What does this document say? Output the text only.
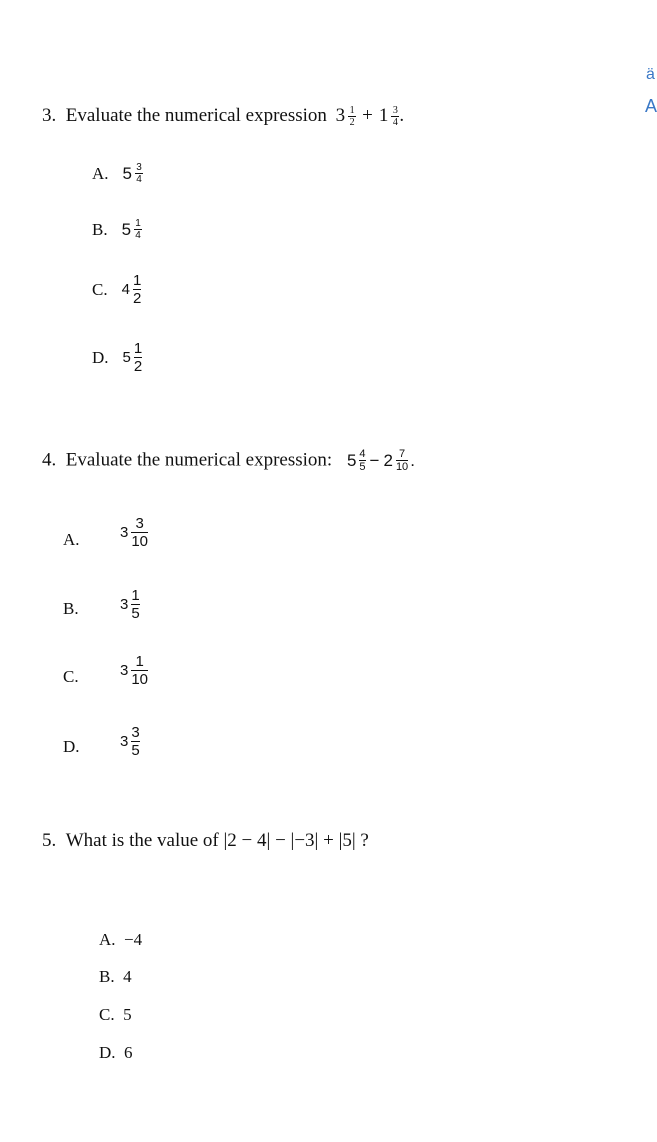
ä
A
3. Evaluate the numerical expression $3 \frac{1}{2} + 1 \frac{3}{4}$ .
A. $5 \frac{3}{4}$
B. $5 \frac{1}{4}$
C. $4 \frac{1}{2}$
D. $5 \frac{1}{2}$
4. Evaluate the numerical expression: $5 \frac{4}{5} - 2 \frac{7}{10}$ .
A.	$3 \frac{3}{10}$
B.	$3 \frac{1}{5}$
C.	$3 \frac{1}{10}$
D.	$3 \frac{3}{5}$
5. What is the value of |2 − 4| − |−3| + |5| ?
A. −4
B. 4
C. 5
D. 6
